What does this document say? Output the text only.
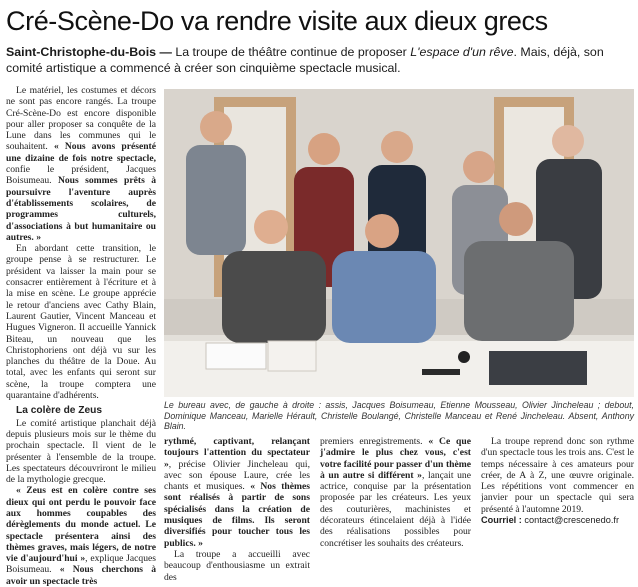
Cré-Scène-Do va rendre visite aux dieux grecs
Saint-Christophe-du-Bois — La troupe de théâtre continue de proposer L'espace d'un rêve. Mais, déjà, son comité artistique a commencé à créer son cinquième spectacle musical.

Le matériel, les costumes et décors ne sont pas encore rangés. La troupe Cré-Scène-Do est encore disponible pour aller proposer sa conquête de la Lune dans les communes qui le souhaitent. « Nous avons présenté une dizaine de fois notre spectacle, confie le président, Jacques Boisumeau. Nous sommes prêts à poursuivre l'aventure auprès d'établissements scolaires, de programmes culturels, d'associations à but humanitaire ou autres. »

En abordant cette transition, le groupe pense à se restructurer. Le président va laisser la main pour se consacrer entièrement à l'écriture et à la mise en scène. Le groupe apprécie le retour d'anciens avec Cathy Blain, Laurent Gautier, Vincent Manceau et Hugues Vigneron. Il accueille Yannick Biteau, un nouveau que les Christophoriens ont déjà vu sur les planches du théâtre de la Doue. Au total, avec les enfants qui seront sur scène, la troupe comptera une quarantaine d'adhérents.

La colère de Zeus

Le comité artistique planchait déjà depuis plusieurs mois sur le thème du prochain spectacle. Il vient de le présenter à l'ensemble de la troupe. Les spectateurs découvriront le milieu de la mythologie grecque.

« Zeus est en colère contre ses dieux qui ont perdu le pouvoir face aux hommes coupables des dérèglements du monde actuel. Le spectacle présentera ainsi des thèmes graves, mais légers, de notre vie d'aujourd'hui », explique Jacques Boisumeau. « Nous cherchons à avoir un spectacle très

Le bureau avec, de gauche à droite : assis, Jacques Boisumeau, Etienne Mousseau, Olivier Jincheleau ; debout, Dominique Manceau, Marielle Hérault, Christelle Boulangé, Christelle Manceau et René Jincheleau. Absent, Anthony Blain.

rythmé, captivant, relançant toujours l'attention du spectateur », précise Olivier Jincheleau qui, avec son épouse Laure, crée les chants et musiques. « Nos thèmes sont réalisés à partir de sons spécialisés dans la création de musiques de films. Ils seront diversifiés pour toucher tous les publics. »

La troupe a accueilli avec beaucoup d'enthousiasme un extrait des

premiers enregistrements. « Ce que j'admire le plus chez vous, c'est votre facilité pour passer d'un thème à un autre si différent », lançait une actrice, conquise par la présentation proposée par les créateurs. Les yeux des couturières, machinistes et décorateurs étincelaient déjà à l'idée des réalisations possibles pour concrétiser les souhaits des créateurs.

La troupe reprend donc son rythme d'un spectacle tous les trois ans. C'est le temps nécessaire à ces amateurs pour créer, de A à Z, une œuvre originale. Les répétitions vont commencer en janvier pour un spectacle qui sera présenté à l'automne 2019.

Courriel : contact@crescenedo.fr
